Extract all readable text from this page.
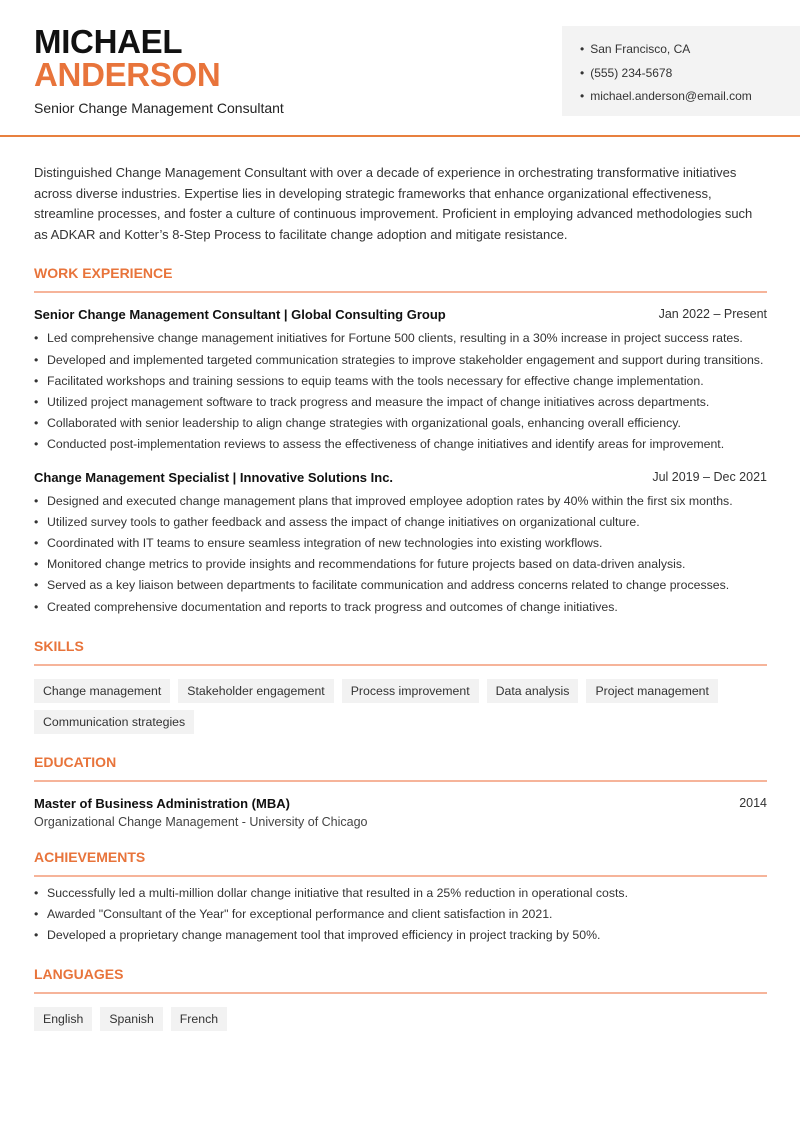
MICHAEL
ANDERSON
Senior Change Management Consultant
• San Francisco, CA
• (555) 234-5678
• michael.anderson@email.com

Distinguished Change Management Consultant with over a decade of experience in orchestrating transformative initiatives across diverse industries. Expertise lies in developing strategic frameworks that enhance organizational effectiveness, streamline processes, and foster a culture of continuous improvement. Proficient in employing advanced methodologies such as ADKAR and Kotter’s 8-Step Process to facilitate change adoption and mitigate resistance.

WORK EXPERIENCE
Senior Change Management Consultant | Global Consulting Group	Jan 2022 – Present
• Led comprehensive change management initiatives for Fortune 500 clients, resulting in a 30% increase in project success rates.
• Developed and implemented targeted communication strategies to improve stakeholder engagement and support during transitions.
• Facilitated workshops and training sessions to equip teams with the tools necessary for effective change implementation.
• Utilized project management software to track progress and measure the impact of change initiatives across departments.
• Collaborated with senior leadership to align change strategies with organizational goals, enhancing overall efficiency.
• Conducted post-implementation reviews to assess the effectiveness of change initiatives and identify areas for improvement.
Change Management Specialist | Innovative Solutions Inc.	Jul 2019 – Dec 2021
• Designed and executed change management plans that improved employee adoption rates by 40% within the first six months.
• Utilized survey tools to gather feedback and assess the impact of change initiatives on organizational culture.
• Coordinated with IT teams to ensure seamless integration of new technologies into existing workflows.
• Monitored change metrics to provide insights and recommendations for future projects based on data-driven analysis.
• Served as a key liaison between departments to facilitate communication and address concerns related to change processes.
• Created comprehensive documentation and reports to track progress and outcomes of change initiatives.
SKILLS
Change management	Stakeholder engagement	Process improvement	Data analysis	Project management
Communication strategies
EDUCATION
Master of Business Administration (MBA)	2014
Organizational Change Management - University of Chicago
ACHIEVEMENTS
• Successfully led a multi-million dollar change initiative that resulted in a 25% reduction in operational costs.
• Awarded "Consultant of the Year" for exceptional performance and client satisfaction in 2021.
• Developed a proprietary change management tool that improved efficiency in project tracking by 50%.
LANGUAGES
English	Spanish	French
